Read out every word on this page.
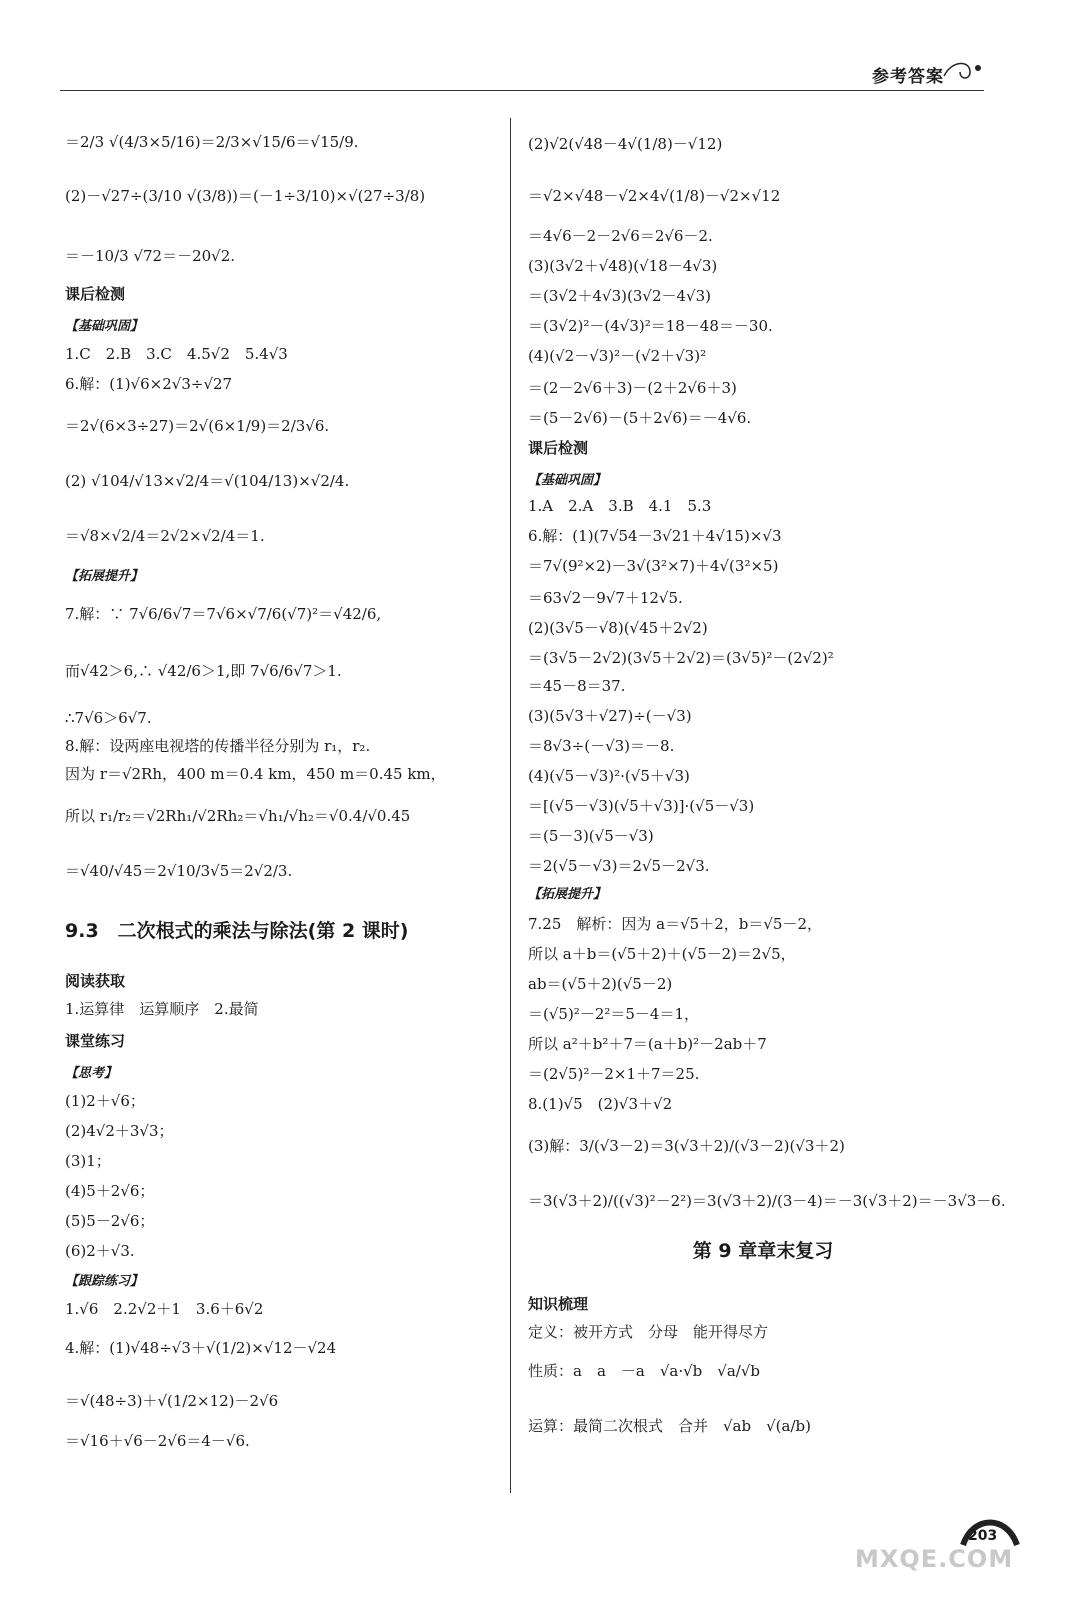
参考答案
＝2/3 √(4/3×5/16)＝2/3×√15/6＝√15/9.
(2)－√27÷(3/10 √(3/8))＝(－1÷3/10)×√(27÷3/8)
＝－10/3 √72＝－20√2.
课后检测
【基础巩固】
1.C　2.B　3.C　4.5√2　5.4√3
6.解：(1)√6×2√3÷√27
＝2√(6×3÷27)＝2√(6×1/9)＝2/3√6.
(2) √104/√13×√2/4＝√(104/13)×√2/4.
＝√8×√2/4＝2√2×√2/4＝1.
【拓展提升】
7.解：∵ 7√6/6√7＝7√6×√7/6(√7)²＝√42/6,
而√42＞6,∴ √42/6＞1,即 7√6/6√7＞1.
∴7√6＞6√7.
8.解：设两座电视塔的传播半径分别为 r₁，r₂.
因为 r＝√2Rh，400 m＝0.4 km，450 m＝0.45 km，
所以 r₁/r₂＝√2Rh₁/√2Rh₂＝√h₁/√h₂＝√0.4/√0.45
＝√40/√45＝2√10/3√5＝2√2/3.
9.3　二次根式的乘法与除法(第 2 课时)
阅读获取
1.运算律　运算顺序　2.最简
课堂练习
【思考】
(1)2＋√6；
(2)4√2＋3√3；
(3)1；
(4)5＋2√6；
(5)5－2√6；
(6)2＋√3.
【跟踪练习】
1.√6　2.2√2＋1　3.6＋6√2
4.解：(1)√48÷√3＋√(1/2)×√12－√24
＝√(48÷3)＋√(1/2×12)－2√6
＝√16＋√6－2√6＝4－√6.
(2)√2(√48－4√(1/8)－√12)
＝√2×√48－√2×4√(1/8)－√2×√12
＝4√6－2－2√6＝2√6－2.
(3)(3√2＋√48)(√18－4√3)
＝(3√2＋4√3)(3√2－4√3)
＝(3√2)²－(4√3)²＝18－48＝－30.
(4)(√2－√3)²－(√2＋√3)²
＝(2－2√6＋3)－(2＋2√6＋3)
＝(5－2√6)－(5＋2√6)＝－4√6.
课后检测
【基础巩固】
1.A　2.A　3.B　4.1　5.3
6.解：(1)(7√54－3√21＋4√15)×√3
＝7√(9²×2)－3√(3²×7)＋4√(3²×5)
＝63√2－9√7＋12√5.
(2)(3√5－√8)(√45＋2√2)
＝(3√5－2√2)(3√5＋2√2)＝(3√5)²－(2√2)²
＝45－8＝37.
(3)(5√3＋√27)÷(－√3)
＝8√3÷(－√3)＝－8.
(4)(√5－√3)²·(√5＋√3)
＝[(√5－√3)(√5＋√3)]·(√5－√3)
＝(5－3)(√5－√3)
＝2(√5－√3)＝2√5－2√3.
【拓展提升】
7.25　解析：因为 a＝√5＋2，b＝√5－2，
所以 a＋b＝(√5＋2)＋(√5－2)＝2√5，
ab＝(√5＋2)(√5－2)
＝(√5)²－2²＝5－4＝1，
所以 a²＋b²＋7＝(a＋b)²－2ab＋7
＝(2√5)²－2×1＋7＝25.
8.(1)√5　(2)√3＋√2
(3)解：3/(√3－2)＝3(√3＋2)/(√3－2)(√3＋2)
＝3(√3＋2)/((√3)²－2²)＝3(√3＋2)/(3－4)＝－3(√3＋2)＝－3√3－6.
第 9 章章末复习
知识梳理
定义：被开方式　分母　能开得尽方
性质：a　a　－a　√a·√b　√a/√b
运算：最简二次根式　合并　√ab　√(a/b)
203
MXQE.COM
